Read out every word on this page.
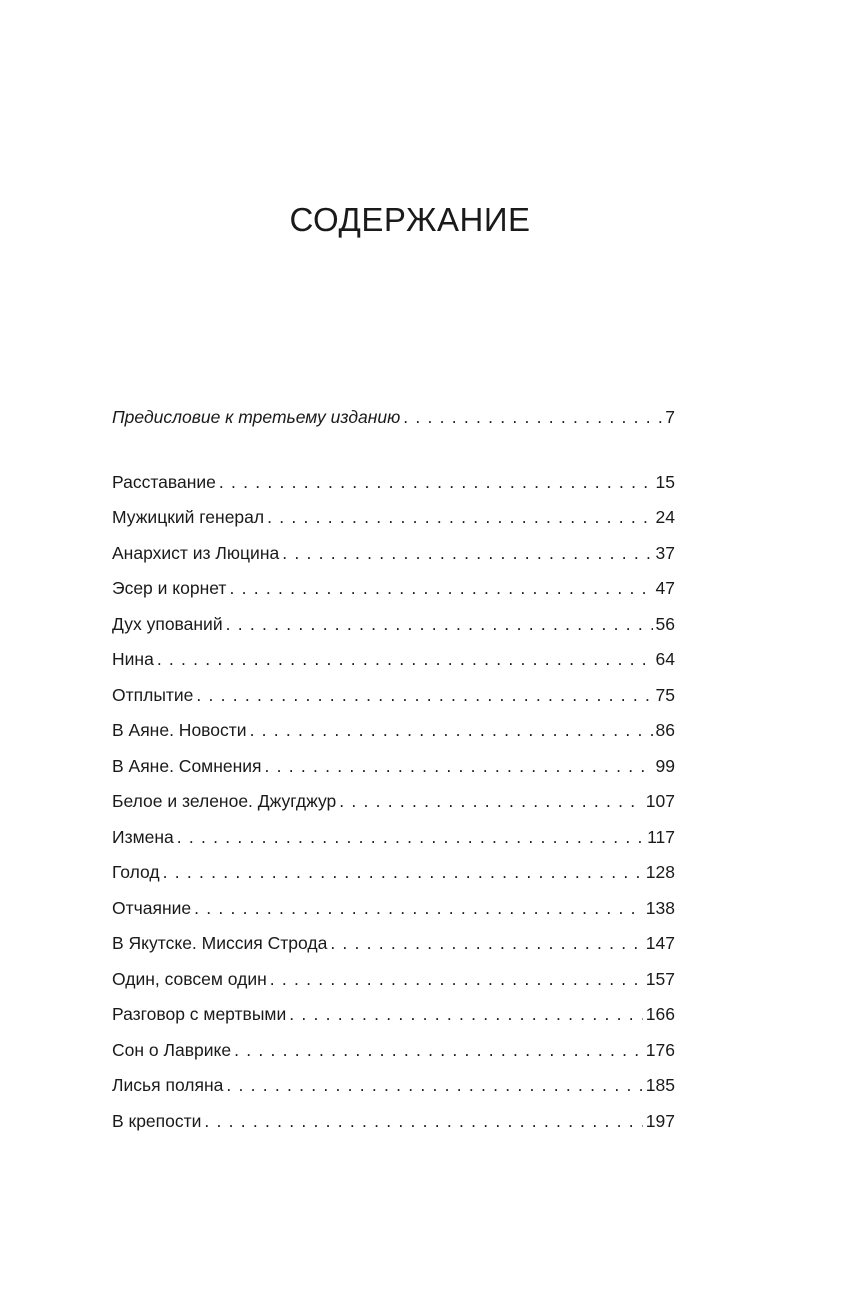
СОДЕРЖАНИЕ
Предисловие к третьему изданию . . .	7
Расставание . . .	15
Мужицкий генерал . . .	24
Анархист из Люцина . . .	37
Эсер и корнет . . .	47
Дух упований . . .	56
Нина . . .	64
Отплытие . . .	75
В Аяне. Новости . . .	86
В Аяне. Сомнения . . .	99
Белое и зеленое. Джугджур . . .	107
Измена . . .	117
Голод . . .	128
Отчаяние . . .	138
В Якутске. Миссия Строда . . .	147
Один, совсем один . . .	157
Разговор с мертвыми . . .	166
Сон о Лаврике . . .	176
Лисья поляна . . .	185
В крепости . . .	197
